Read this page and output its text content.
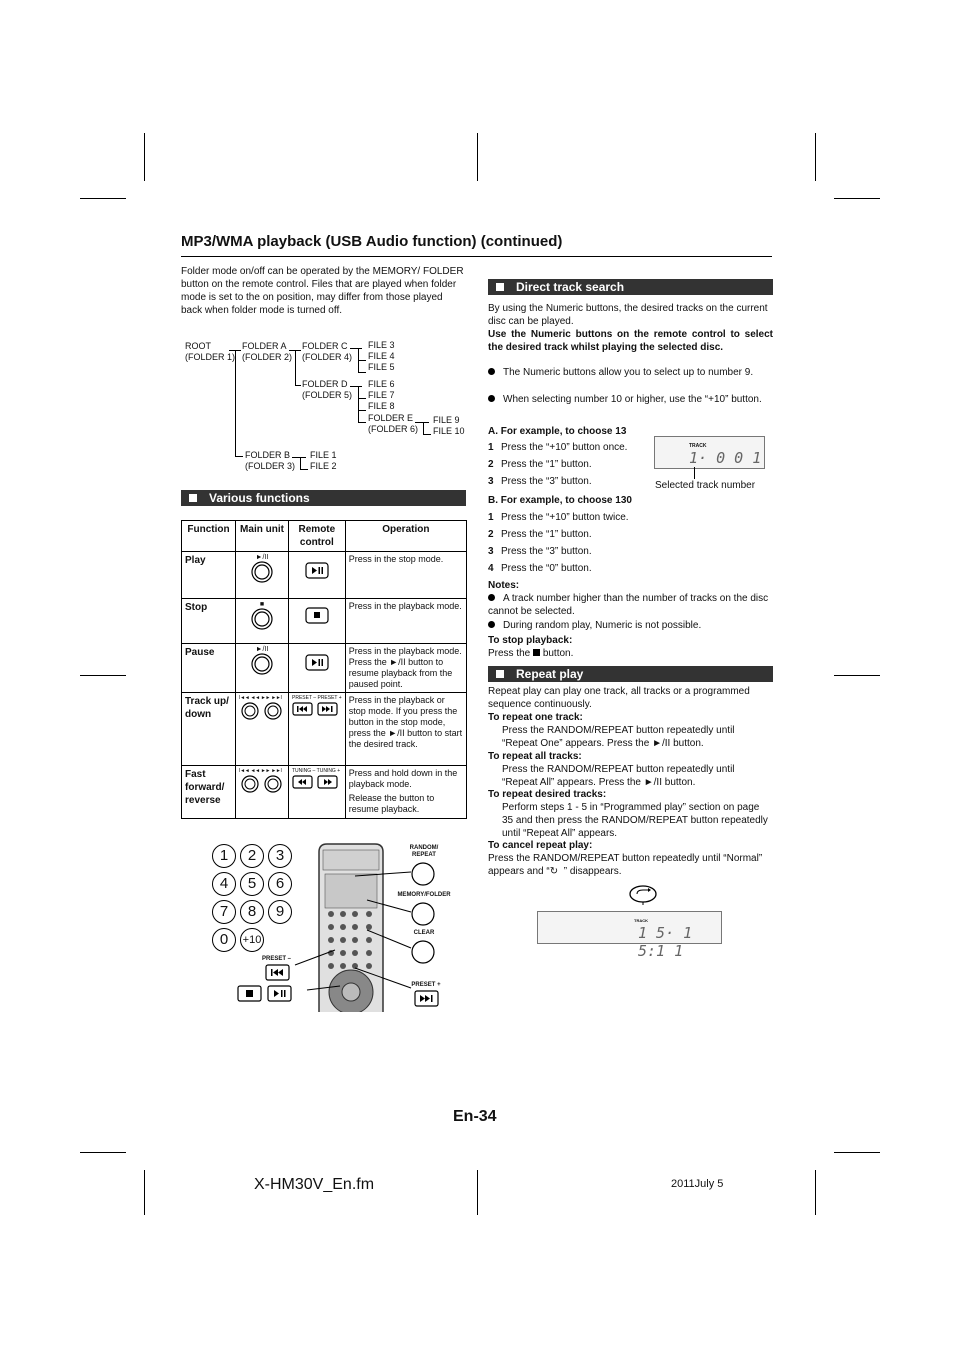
MP3/WMA playback (USB Audio function) (continued)
Folder mode on/off can be operated by the MEMORY/ FOLDER button on the remote control. Files that are played when folder mode is set to the on position, may differ from those played back when folder mode is turned off.
ROOT
(FOLDER 1)
FOLDER A
(FOLDER 2)
FOLDER C
(FOLDER 4)
FILE 3
FILE 4
FILE 5
FOLDER D
(FOLDER 5)
FILE 6
FILE 7
FILE 8
FOLDER E
(FOLDER 6)
FILE 9
FILE 10
FOLDER B
(FOLDER 3)
FILE 1
FILE 2
Various functions
Function	Main unit	Remote control	Operation
Play	►/II		Press in the stop mode.
Stop	■		Press in the playback mode.
Pause	►/II		Press in the playback mode. Press the ►/II button to resume playback from the paused point.
Track up/ down	I◄◄ ◄◄ ►► ►►I	PRESET – PRESET +	Press in the playback or stop mode. If you press the button in the stop mode, press the ►/II button to start the desired track.
Fast forward/ reverse	I◄◄ ◄◄ ►► ►►I	TUNING – TUNING +	Press and hold down in the playback mode.
Release the button to resume playback.
1	2	3
4	5	6
7	8	9
0	+10
PRESET –
RANDOM/ REPEAT
MEMORY/FOLDER
CLEAR
PRESET +
Direct track search
By using the Numeric buttons, the desired tracks on the current disc can be played.
Use the Numeric buttons on the remote control to select the desired track whilst playing the selected disc.
The Numeric buttons allow you to select up to number 9.
When selecting number 10 or higher, use the “+10” button.
A. For example, to choose 13
1 Press the “+10” button once.
2 Press the “1” button.
3 Press the “3” button.
TRACK
1· 0 0 1
Selected track number
B. For example, to choose 130
1 Press the “+10” button twice.
2 Press the “1” button.
3 Press the “3” button.
4 Press the “0” button.
Notes:
A track number higher than the number of tracks on the disc cannot be selected.
During random play, Numeric is not possible.
To stop playback:
Press the button.
Repeat play
Repeat play can play one track, all tracks or a programmed sequence continuously.
To repeat one track:
Press the RANDOM/REPEAT button repeatedly until “Repeat One” appears. Press the ►/II button.
To repeat all tracks:
Press the RANDOM/REPEAT button repeatedly until “Repeat All” appears. Press the ►/II button.
To repeat desired tracks:
Perform steps 1 - 5 in “Programmed play” section on page 35 and then press the RANDOM/REPEAT button repeatedly until “Repeat All” appears.
To cancel repeat play:
Press the RANDOM/REPEAT button repeatedly until “Normal” appears and “↻ ” disappears.
TRACK
1 5· 1 5:1 1
En-34
X-HM30V_En.fm	2011July 5
